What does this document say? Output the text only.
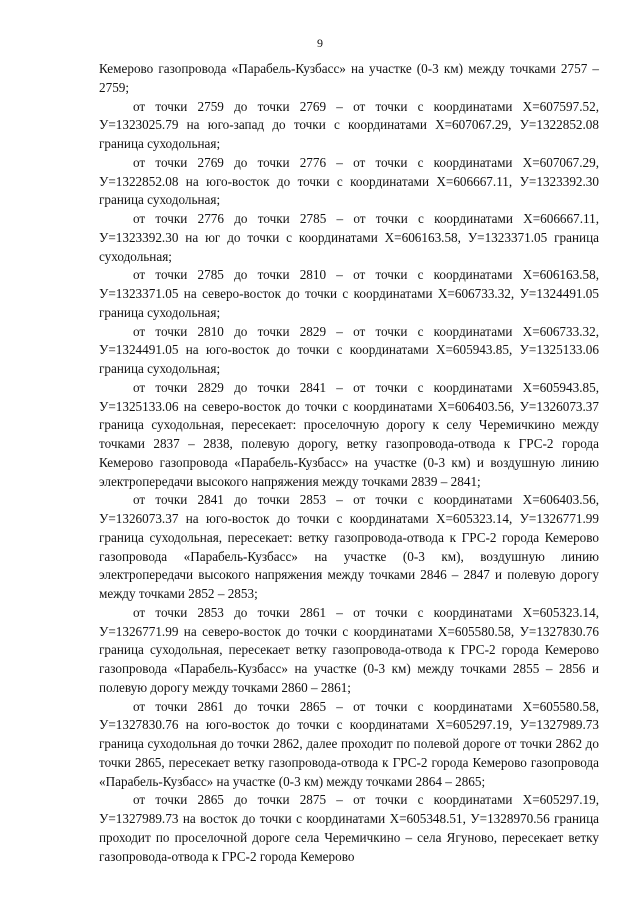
9

Кемерово газопровода «Парабель-Кузбасс» на участке (0-3 км) между точками 2757 – 2759;

от точки 2759 до точки 2769 – от точки с координатами Х=607597.52, У=1323025.79 на юго-запад до точки с координатами Х=607067.29, У=1322852.08 граница суходольная;

от точки 2769 до точки 2776 – от точки с координатами Х=607067.29, У=1322852.08 на юго-восток до точки с координатами Х=606667.11, У=1323392.30 граница суходольная;

от точки 2776 до точки 2785 – от точки с координатами Х=606667.11, У=1323392.30 на юг до точки с координатами Х=606163.58, У=1323371.05 граница суходольная;

от точки 2785 до точки 2810 – от точки с координатами Х=606163.58, У=1323371.05 на северо-восток до точки с координатами Х=606733.32, У=1324491.05 граница суходольная;

от точки 2810 до точки 2829 – от точки с координатами Х=606733.32, У=1324491.05 на юго-восток до точки с координатами Х=605943.85, У=1325133.06 граница суходольная;

от точки 2829 до точки 2841 – от точки с координатами Х=605943.85, У=1325133.06 на северо-восток до точки с координатами Х=606403.56, У=1326073.37 граница суходольная, пересекает: проселочную дорогу к селу Черемичкино между точками 2837 – 2838, полевую дорогу, ветку газопровода-отвода к ГРС-2 города Кемерово газопровода «Парабель-Кузбасс» на участке (0-3 км) и воздушную линию электропередачи высокого напряжения между точками 2839 – 2841;

от точки 2841 до точки 2853 – от точки с координатами Х=606403.56, У=1326073.37 на юго-восток до точки с координатами Х=605323.14, У=1326771.99 граница суходольная, пересекает: ветку газопровода-отвода к ГРС-2 города Кемерово газопровода «Парабель-Кузбасс» на участке (0-3 км), воздушную линию электропередачи высокого напряжения между точками 2846 – 2847 и полевую дорогу между точками 2852 – 2853;

от точки 2853 до точки 2861 – от точки с координатами Х=605323.14, У=1326771.99 на северо-восток до точки с координатами Х=605580.58, У=1327830.76 граница суходольная, пересекает ветку газопровода-отвода к ГРС-2 города Кемерово газопровода «Парабель-Кузбасс» на участке (0-3 км) между точками 2855 – 2856 и полевую дорогу между точками 2860 – 2861;

от точки 2861 до точки 2865 – от точки с координатами Х=605580.58, У=1327830.76 на юго-восток до точки с координатами Х=605297.19, У=1327989.73 граница суходольная до точки 2862, далее проходит по полевой дороге от точки 2862 до точки 2865, пересекает ветку газопровода-отвода к ГРС-2 города Кемерово газопровода «Парабель-Кузбасс» на участке (0-3 км) между точками 2864 – 2865;

от точки 2865 до точки 2875 – от точки с координатами Х=605297.19, У=1327989.73 на восток до точки с координатами Х=605348.51, У=1328970.56 граница проходит по проселочной дороге села Черемичкино – села Ягуново, пересекает ветку газопровода-отвода к ГРС-2 города Кемерово
